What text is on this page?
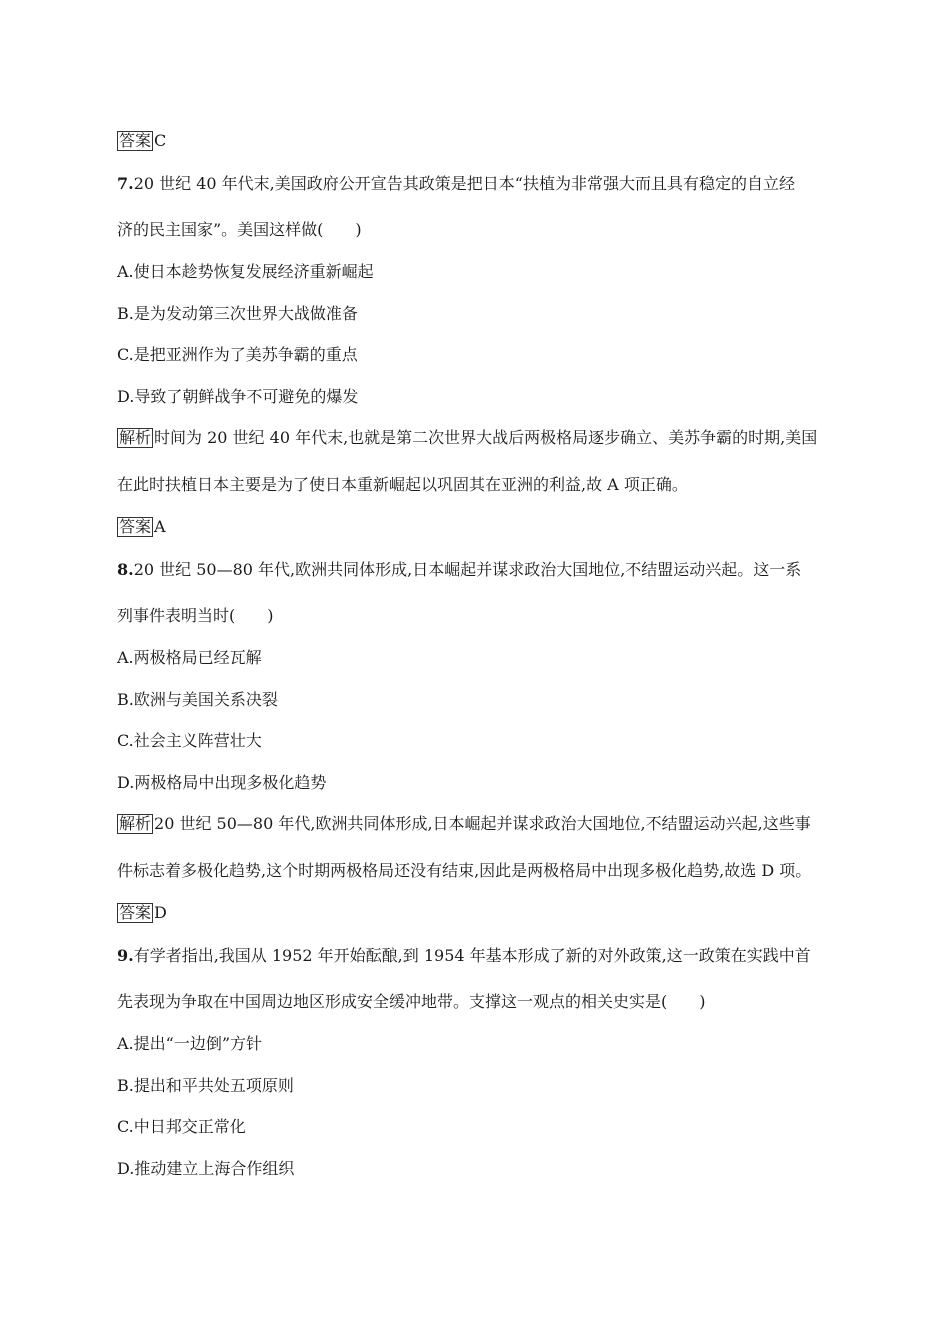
答案 C
7.20 世纪 40 年代末,美国政府公开宣告其政策是把日本“扶植为非常强大而且具有稳定的自立经
济的民主国家”。美国这样做(　　)
A.使日本趁势恢复发展经济重新崛起
B.是为发动第三次世界大战做准备
C.是把亚洲作为了美苏争霸的重点
D.导致了朝鲜战争不可避免的爆发
解析 时间为 20 世纪 40 年代末,也就是第二次世界大战后两极格局逐步确立、美苏争霸的时期,美国
在此时扶植日本主要是为了使日本重新崛起以巩固其在亚洲的利益,故 A 项正确。
答案 A
8.20 世纪 50—80 年代,欧洲共同体形成,日本崛起并谋求政治大国地位,不结盟运动兴起。这一系
列事件表明当时(　　)
A.两极格局已经瓦解
B.欧洲与美国关系决裂
C.社会主义阵营壮大
D.两极格局中出现多极化趋势
解析 20 世纪 50—80 年代,欧洲共同体形成,日本崛起并谋求政治大国地位,不结盟运动兴起,这些事
件标志着多极化趋势,这个时期两极格局还没有结束,因此是两极格局中出现多极化趋势,故选 D 项。
答案 D
9.有学者指出,我国从 1952 年开始酝酿,到 1954 年基本形成了新的对外政策,这一政策在实践中首
先表现为争取在中国周边地区形成安全缓冲地带。支撑这一观点的相关史实是(　　)
A.提出“一边倒”方针
B.提出和平共处五项原则
C.中日邦交正常化
D.推动建立上海合作组织
